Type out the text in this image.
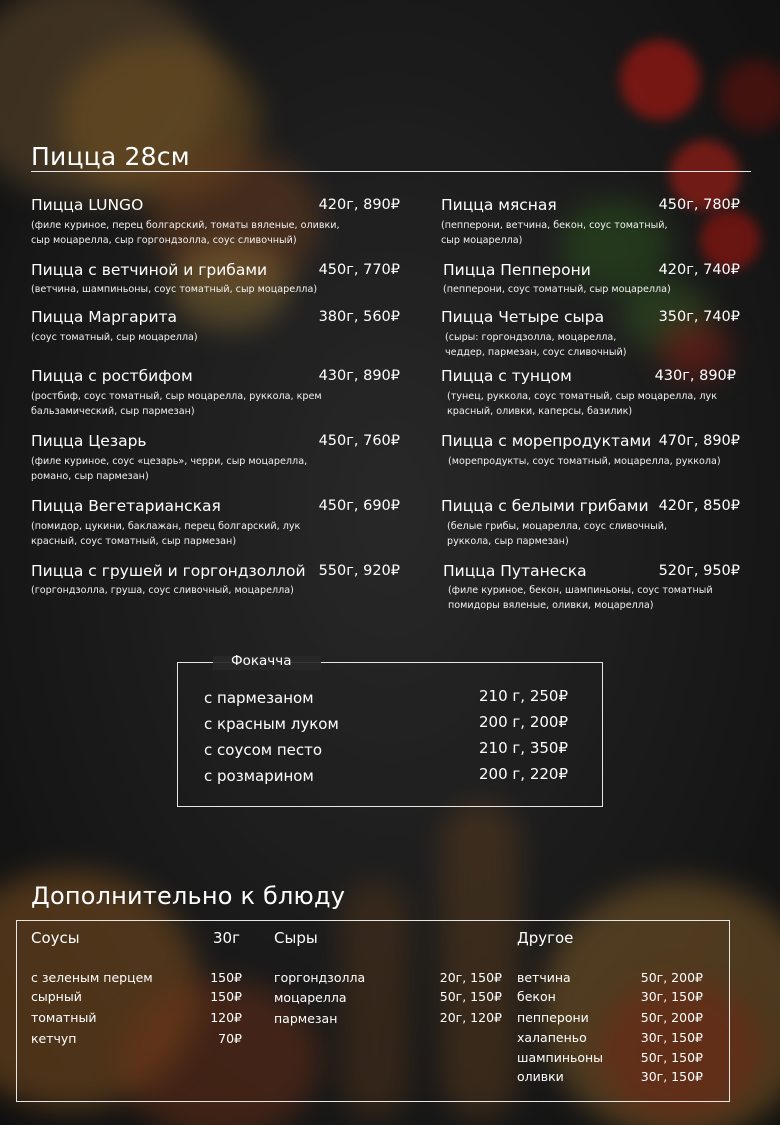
Пицца 28см
Пицца LUNGO	420г, 890₽
(филе куриное, перец болгарский, томаты вяленые, оливки, сыр моцарелла, сыр горгондзолла, соус сливочный)
Пицца с ветчиной и грибами	450г, 770₽
(ветчина, шампиньоны, соус томатный, сыр моцарелла)
Пицца Маргарита	380г, 560₽
(соус томатный, сыр моцарелла)
Пицца с ростбифом	430г, 890₽
(ростбиф, соус томатный, сыр моцарелла, руккола, крем бальзамический, сыр пармезан)
Пицца Цезарь	450г, 760₽
(филе куриное, соус «цезарь», черри, сыр моцарелла, романо, сыр пармезан)
Пицца Вегетарианская	450г, 690₽
(помидор, цукини, баклажан, перец болгарский, лук красный, соус томатный, сыр пармезан)
Пицца с грушей и горгондзоллой 550г, 920₽
(горгондзолла, груша, соус сливочный, моцарелла)
Пицца мясная	450г, 780₽
(пепперони, ветчина, бекон, соус томатный, сыр моцарелла)
Пицца Пепперони	420г, 740₽
(пепперони, соус томатный, сыр моцарелла)
Пицца Четыре сыра	350г, 740₽
(сыры: горгондзолла, моцарелла, чеддер, пармезан, соус сливочный)
Пицца с тунцом	430г, 890₽
(тунец, руккола, соус томатный, сыр моцарелла, лук красный, оливки, каперсы, базилик)
Пицца с морепродуктами 470г, 890₽
(морепродукты, соус томатный, моцарелла, руккола)
Пицца с белыми грибами 420г, 850₽
(белые грибы, моцарелла, соус сливочный, руккола, сыр пармезан)
Пицца Путанеска	520г, 950₽
(филе куриное, бекон, шампиньоны, соус томатный помидоры вяленые, оливки, моцарелла)
Фокачча
с пармезаном	210 г, 250₽
с красным луком	200 г, 200₽
с соусом песто	210 г, 350₽
с розмарином	200 г, 220₽
Дополнительно к блюду
Соусы	30г
с зеленым перцем	150₽
сырный	150₽
томатный	120₽
кетчуп	70₽
Сыры
горгондзолла	20г, 150₽
моцарелла	50г, 150₽
пармезан	20г, 120₽
Другое
ветчина	50г, 200₽
бекон	30г, 150₽
пепперони	50г, 200₽
халапеньо	30г, 150₽
шампиньоны	50г, 150₽
оливки	30г, 150₽
